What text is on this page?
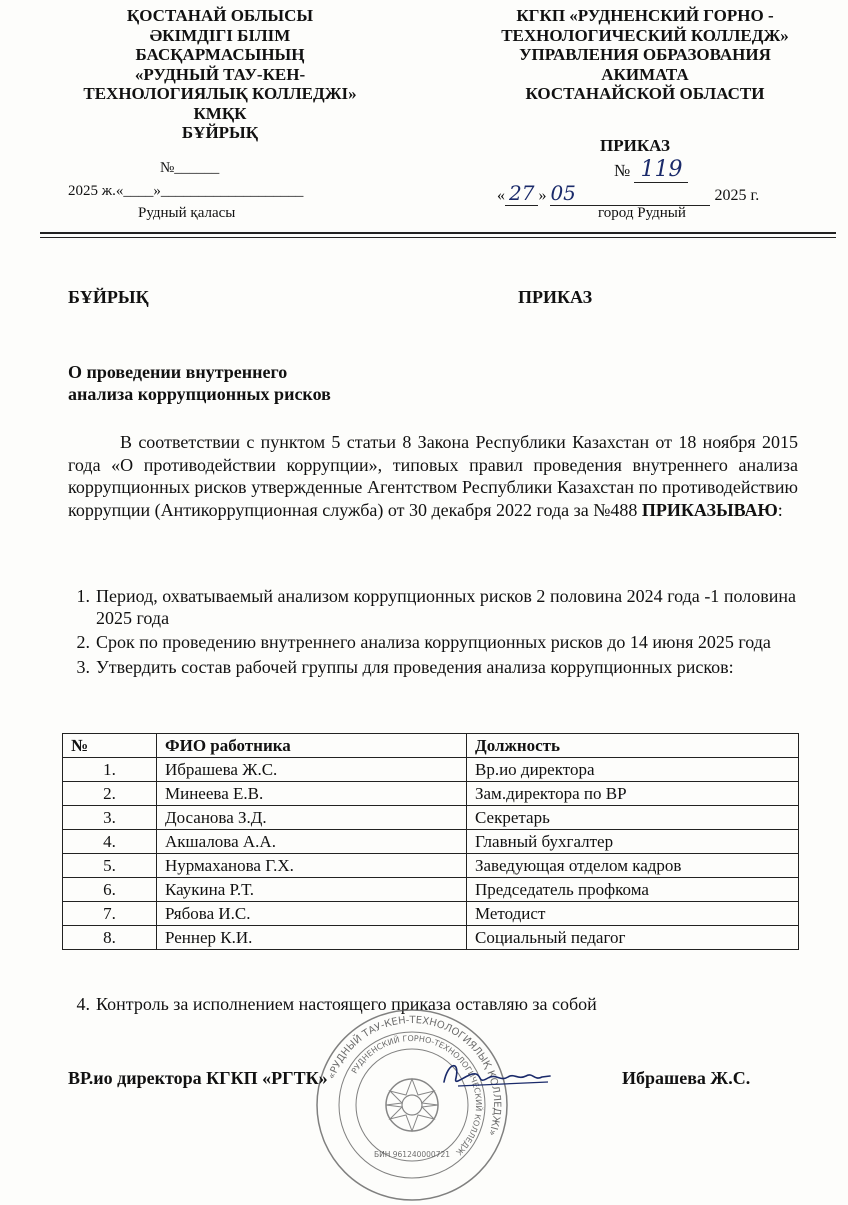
ҚОСТАНАЙ ОБЛЫСЫ
ӘКІМДІГІ БІЛІМ
БАСҚАРМАСЫНЫҢ
«РУДНЫЙ ТАУ-КЕН-
ТЕХНОЛОГИЯЛЫҚ КОЛЛЕДЖІ»
КМҚК
БҰЙРЫҚ
№______
2025 ж.«____»___________________
Рудный қаласы
КГКП «РУДНЕНСКИЙ ГОРНО -
ТЕХНОЛОГИЧЕСКИЙ КОЛЛЕДЖ»
УПРАВЛЕНИЯ ОБРАЗОВАНИЯ
АКИМАТА
КОСТАНАЙСКОЙ ОБЛАСТИ
ПРИКАЗ
№ 119
« 27 » 05	2025 г.
город Рудный
БҰЙРЫҚ	ПРИКАЗ
О проведении внутреннего
анализа коррупционных рисков
В соответствии с пунктом 5 статьи 8 Закона Республики Казахстан от 18 ноября 2015 года «О противодействии коррупции», типовых правил проведения внутреннего анализа коррупционных рисков утвержденные Агентством Республики Казахстан по противодействию коррупции (Антикоррупционная служба) от 30 декабря 2022 года за №488 ПРИКАЗЫВАЮ:
1. Период, охватываемый анализом коррупционных рисков 2 половина 2024 года -1 половина 2025 года
2. Срок по проведению внутреннего анализа коррупционных рисков до 14 июня 2025 года
3. Утвердить состав рабочей группы для проведения анализа коррупционных рисков:
№	ФИО работника	Должность
1.	Ибрашева Ж.С.	Вр.ио директора
2.	Минеева Е.В.	Зам.директора по ВР
3.	Досанова З.Д.	Секретарь
4.	Акшалова А.А.	Главный бухгалтер
5.	Нурмаханова Г.Х.	Заведующая отделом кадров
6.	Каукина Р.Т.	Председатель профкома
7.	Рябова И.С.	Методист
8.	Реннер К.И.	Социальный педагог
4. Контроль за исполнением настоящего приказа оставляю за собой
«РУДНЫЙ ТАУ-КЕН-ТЕХНОЛОГИЯЛЫҚ КОЛЛЕДЖІ»
РУДНЕНСКИЙ ГОРНО-ТЕХНОЛОГИЧЕСКИЙ КОЛЛЕДЖ
БИН 961240000721
ВР.ио директора КГКП «РГТК»	Ибрашева Ж.С.
